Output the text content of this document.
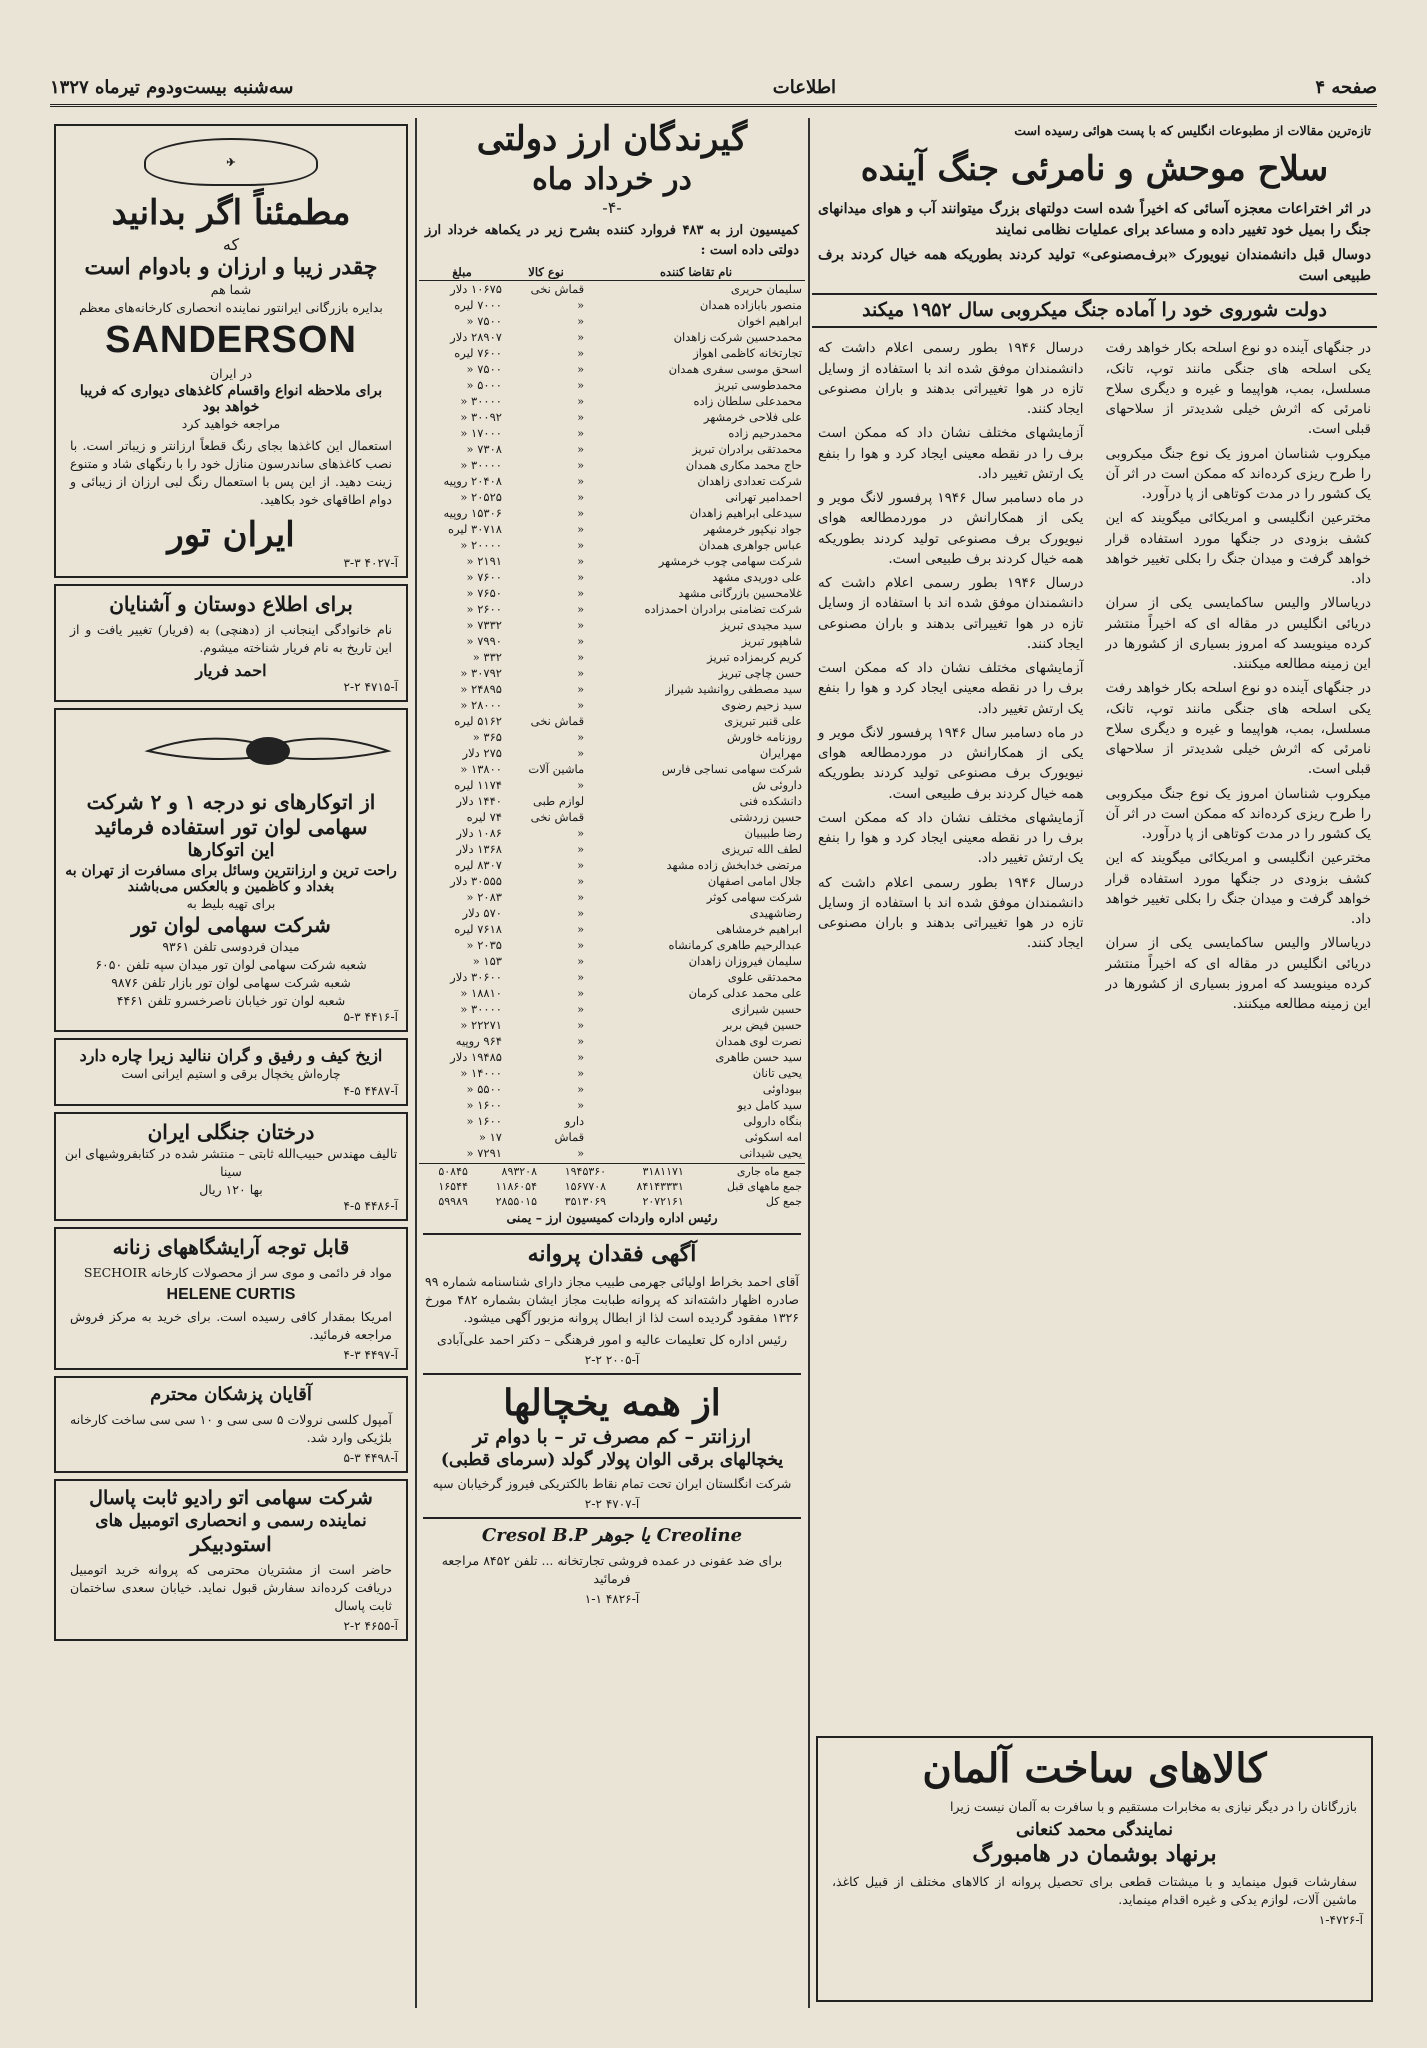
صفحه ۴
اطلاعات
سه‌شنبه بیست‌ودوم تیرماه ۱۳۲۷
تازه‌ترین مقالات از مطبوعات انگلیس که با پست هوائی رسیده است
سلاح موحش و نامرئی جنگ آینده
در اثر اختراعات معجزه آسائی که اخیراً شده است دولتهای بزرگ میتوانند آب و هوای میدانهای جنگ را بمیل خود تغییر داده و مساعد برای عملیات نظامی نمایند
دوسال قبل دانشمندان نیویورک «برف‌مصنوعی» تولید کردند بطوریکه همه خیال کردند برف طبیعی است
دولت شوروی خود را آماده جنگ میکروبی سال ۱۹۵۲ میکند
در جنگهای آینده دو نوع اسلحه بکار خواهد رفت یکی اسلحه های جنگی مانند توپ، تانک، مسلسل، بمب، هواپیما و غیره و دیگری سلاح نامرئی که اثرش خیلی شدیدتر از سلاحهای قبلی است.
میکروب شناسان امروز یک نوع جنگ میکروبی را طرح ریزی کرده‌اند که ممکن است در اثر آن یک کشور را در مدت کوتاهی از پا درآورد.
مخترعین انگلیسی و امریکائی میگویند که این کشف بزودی در جنگها مورد استفاده قرار خواهد گرفت و میدان جنگ را بکلی تغییر خواهد داد.
دریاسالار والیس ساکمایسی یکی از سران دریائی انگلیس در مقاله ای که اخیراً منتشر کرده مینویسد که امروز بسیاری از کشورها در این زمینه مطالعه میکنند.
در جنگهای آینده دو نوع اسلحه بکار خواهد رفت یکی اسلحه های جنگی مانند توپ، تانک، مسلسل، بمب، هواپیما و غیره و دیگری سلاح نامرئی که اثرش خیلی شدیدتر از سلاحهای قبلی است.
میکروب شناسان امروز یک نوع جنگ میکروبی را طرح ریزی کرده‌اند که ممکن است در اثر آن یک کشور را در مدت کوتاهی از پا درآورد.
مخترعین انگلیسی و امریکائی میگویند که این کشف بزودی در جنگها مورد استفاده قرار خواهد گرفت و میدان جنگ را بکلی تغییر خواهد داد.
دریاسالار والیس ساکمایسی یکی از سران دریائی انگلیس در مقاله ای که اخیراً منتشر کرده مینویسد که امروز بسیاری از کشورها در این زمینه مطالعه میکنند.
درسال ۱۹۴۶ بطور رسمی اعلام داشت که دانشمندان موفق شده اند با استفاده از وسایل تازه در هوا تغییراتی بدهند و باران مصنوعی ایجاد کنند.
آزمایشهای مختلف نشان داد که ممکن است برف را در نقطه معینی ایجاد کرد و هوا را بنفع یک ارتش تغییر داد.
در ماه دسامبر سال ۱۹۴۶ پرفسور لانگ مویر و یکی از همکارانش در موردمطالعه هوای نیویورک برف مصنوعی تولید کردند بطوریکه همه خیال کردند برف طبیعی است.
درسال ۱۹۴۶ بطور رسمی اعلام داشت که دانشمندان موفق شده اند با استفاده از وسایل تازه در هوا تغییراتی بدهند و باران مصنوعی ایجاد کنند.
آزمایشهای مختلف نشان داد که ممکن است برف را در نقطه معینی ایجاد کرد و هوا را بنفع یک ارتش تغییر داد.
در ماه دسامبر سال ۱۹۴۶ پرفسور لانگ مویر و یکی از همکارانش در موردمطالعه هوای نیویورک برف مصنوعی تولید کردند بطوریکه همه خیال کردند برف طبیعی است.
آزمایشهای مختلف نشان داد که ممکن است برف را در نقطه معینی ایجاد کرد و هوا را بنفع یک ارتش تغییر داد.
درسال ۱۹۴۶ بطور رسمی اعلام داشت که دانشمندان موفق شده اند با استفاده از وسایل تازه در هوا تغییراتی بدهند و باران مصنوعی ایجاد کنند.
کالاهای ساخت آلمان
بازرگانان را در دیگر نیازی به مخابرات مستقیم و با سافرت به آلمان نیست زیرا
نمایندگی محمد کنعانی
برنهاد بوشمان در هامبورگ
سفارشات قبول مینماید و با میشتات قطعی برای تحصیل پروانه از کالاهای مختلف از قبیل کاغذ، ماشین آلات، لوازم یدکی و غیره اقدام مینماید.
آ-۴۷۲۶-۱
گیرندگان ارز دولتی
در خرداد ماه
-۴-
کمیسیون ارز به ۴۸۳ فروارد کننده بشرح زیر در یکماهه خرداد ارز دولتی داده است :
نام تقاضا کننده	نوع کالا	مبلغ
سلیمان حریری	قماش نخی	۱۰۶۷۵ دلار
منصور بابازاده همدان	«	۷۰۰۰ لیره
ابراهیم اخوان	«	۷۵۰۰ «
محمدحسین شرکت زاهدان	«	۲۸۹۰۷ دلار
تجارتخانه کاظمی اهواز	«	۷۶۰۰ لیره
اسحق موسی سفری همدان	«	۷۵۰۰ «
محمدطوسی تبریز	«	۵۰۰۰ «
محمدعلی سلطان زاده	«	۳۰۰۰۰ «
علی فلاحی خرمشهر	«	۳۰۰۹۲ «
محمدرحیم زاده	«	۱۷۰۰۰ «
محمدتقی برادران تبریز	«	۷۳۰۸ «
حاج محمد مکاری همدان	«	۳۰۰۰۰ «
شرکت تعدادی زاهدان	«	۲۰۴۰۸ روپیه
احمدامیر تهرانی	«	۲۰۵۲۵ «
سیدعلی ابراهیم زاهدان	«	۱۵۳۰۶ روپیه
جواد نیکپور خرمشهر	«	۳۰۷۱۸ لیره
عباس جواهری همدان	«	۲۰۰۰۰ «
شرکت سهامی چوب خرمشهر	«	۲۱۹۱ «
علی دوریدی مشهد	«	۷۶۰۰ «
غلامحسین بازرگانی مشهد	«	۷۶۵۰ «
شرکت تضامنی برادران احمدزاده	«	۲۶۰۰ «
سید مجیدی تبریز	«	۷۳۳۲ «
شاهپور تبریز	«	۷۹۹۰ «
کریم کربمزاده تبریز	«	۳۳۲ «
حسن چاچی تبریز	«	۳۰۷۹۲ «
سید مصطفی روانشید شیراز	«	۲۴۸۹۵ «
سید زحیم رضوی	«	۲۸۰۰۰ «
علی قنبر تبریزی	قماش نخی	۵۱۶۲ لیره
روزنامه خاورش	«	۳۶۵ «
مهرایران	«	۲۷۵ دلار
شرکت سهامی نساجی فارس	ماشین آلات	۱۳۸۰۰ «
داروئی ش	«	۱۱۷۴ لیره
دانشکده فنی	لوازم طبی	۱۴۴۰ دلار
حسین زردشتی	قماش نخی	۷۴ لیره
رضا طبیبیان	«	۱۰۸۶ دلار
لطف الله تبریزی	«	۱۳۶۸ دلار
مرتضی خدابخش زاده مشهد	«	۸۳۰۷ لیره
جلال امامی اصفهان	«	۳۰۵۵۵ دلار
شرکت سهامی کوثر	«	۲۰۸۳ «
رضاشهیدی	«	۵۷۰ دلار
ابراهیم خرمشاهی	«	۷۶۱۸ لیره
عبدالرحیم طاهری کرمانشاه	«	۲۰۳۵ «
سلیمان فیروزان زاهدان	«	۱۵۳ «
محمدتقی علوی	«	۳۰۶۰۰ دلار
علی محمد عدلی کرمان	«	۱۸۸۱۰ «
حسین شیرازی	«	۳۰۰۰۰ «
حسین فیض بربر	«	۲۲۲۷۱ «
نصرت لوی همدان	«	۹۶۴ روپیه
سید حسن طاهری	«	۱۹۴۸۵ دلار
یحیی تانان	«	۱۴۰۰۰ «
ببوداوئی	«	۵۵۰۰ «
سید کامل دیو	«	۱۶۰۰ «
بنگاه دارولی	دارو	۱۶۰۰ «
امه اسکوئی	قماش	۱۷ «
یحیی شیدانی	«	۷۲۹۱ «
جمع ماه جاری	۳۱۸۱۱۷۱	۱۹۴۵۳۶۰	۸۹۳۲۰۸	۵۰۸۴۵
جمع ماههای قبل	۸۴۱۴۳۳۳۱	۱۵۶۷۷۰۸	۱۱۸۶۰۵۴	۱۶۵۴۴
جمع کل	۲۰۷۲۱۶۱	۳۵۱۳۰۶۹	۲۸۵۵۰۱۵	۵۹۹۸۹
رئیس اداره واردات کمیسیون ارز – یمنی
آگهی فقدان پروانه
آقای احمد بخراط اولیائی جهرمی طبیب مجاز دارای شناسنامه شماره ۹۹ صادره اظهار داشته‌اند که پروانه طبابت مجاز ایشان بشماره ۴۸۲ مورخ ۱۳۲۶ مفقود گردیده است لذا از ابطال پروانه مزبور آگهی میشود.
رئیس اداره کل تعلیمات عالیه و امور فرهنگی – دکتر احمد علی‌آبادی
آ-۲۰۰۵ ۲-۲
از همه یخچالها
ارزانتر – کم مصرف تر – با دوام تر
یخچالهای برقی الوان پولار گولد (سرمای قطبی)
شرکت انگلستان ایران تحت تمام نقاط بالکتریکی فیروز گرخیابان سپه
آ-۴۷۰۷ ۲-۲
Creoline یا جوهر Cresol B.P
برای ضد عفونی در عمده فروشی تجارتخانه ... تلفن ۸۴۵۲ مراجعه فرمائید
آ-۴۸۲۶ ۱-۱
✈
مطمئناً اگر بدانید
که
چقدر زیبا و ارزان و بادوام است
شما هم
بدایره بازرگانی ایرانتور نماینده انحصاری کارخانه‌های معظم
SANDERSON
در ایران
برای ملاحظه انواع واقسام کاغذهای دیواری که فریبا خواهد بود
مراجعه خواهید کرد
استعمال این کاغذها بجای رنگ قطعاً ارزانتر و زیباتر است. با نصب کاغذهای ساندرسون منازل خود را با رنگهای شاد و متنوع زینت دهید. از این پس با استعمال رنگ لبی ارزان از زیبائی و دوام اطاقهای خود بکاهید.
ایران تور
آ-۴۰۲۷ ۳-۳
برای اطلاع دوستان و آشنایان
نام خانوادگی اینجانب از (دهنچی) به (فریار) تغییر یافت و از این تاریخ به نام فریار شناخته میشوم.
احمد فریار
آ-۴۷۱۵ ۲-۲
از اتوکارهای نو درجه ۱ و ۲ شرکت سهامی لوان تور استفاده فرمائید
این اتوکارها
راحت ترین و ارزانترین وسائل برای مسافرت از تهران به بغداد و کاظمین و بالعکس می‌باشند
برای تهیه بلیط به
شرکت سهامی لوان تور
میدان فردوسی تلفن ۹۳۶۱
شعبه شرکت سهامی لوان تور میدان سپه تلفن ۶۰۵۰
شعبه شرکت سهامی لوان تور بازار تلفن ۹۸۷۶
شعبه لوان تور خیابان ناصرخسرو تلفن ۴۴۶۱
آ-۴۴۱۶ ۳-۵
ازیخ کیف و رفیق و گران ننالید زیرا چاره دارد
چاره‌اش یخچال برقی و استیم ایرانی است
آ-۴۴۸۷ ۵-۴
درختان جنگلی ایران
تالیف مهندس حبیب‌الله ثابتی – منتشر شده در کتابفروشیهای ابن سینا
بها ۱۲۰ ریال
آ-۴۴۸۶ ۵-۴
قابل توجه آرایشگاههای زنانه
مواد فر دائمی و موی سر از محصولات کارخانه SECHOIR
HELENE CURTIS
امریکا بمقدار کافی رسیده است. برای خرید به مرکز فروش مراجعه فرمائید.
آ-۴۴۹۷ ۳-۴
آقایان پزشکان محترم
آمپول کلسی نرولات ۵ سی سی و ۱۰ سی سی ساخت کارخانه بلژیکی وارد شد.
آ-۴۴۹۸ ۳-۵
شرکت سهامی اتو رادیو ثابت پاسال
نماینده رسمی و انحصاری اتومبیل های
استودبیکر
حاضر است از مشتریان محترمی که پروانه خرید اتومبیل دریافت کرده‌اند سفارش قبول نماید. خیابان سعدی ساختمان ثابت پاسال
آ-۴۶۵۵ ۲-۲
